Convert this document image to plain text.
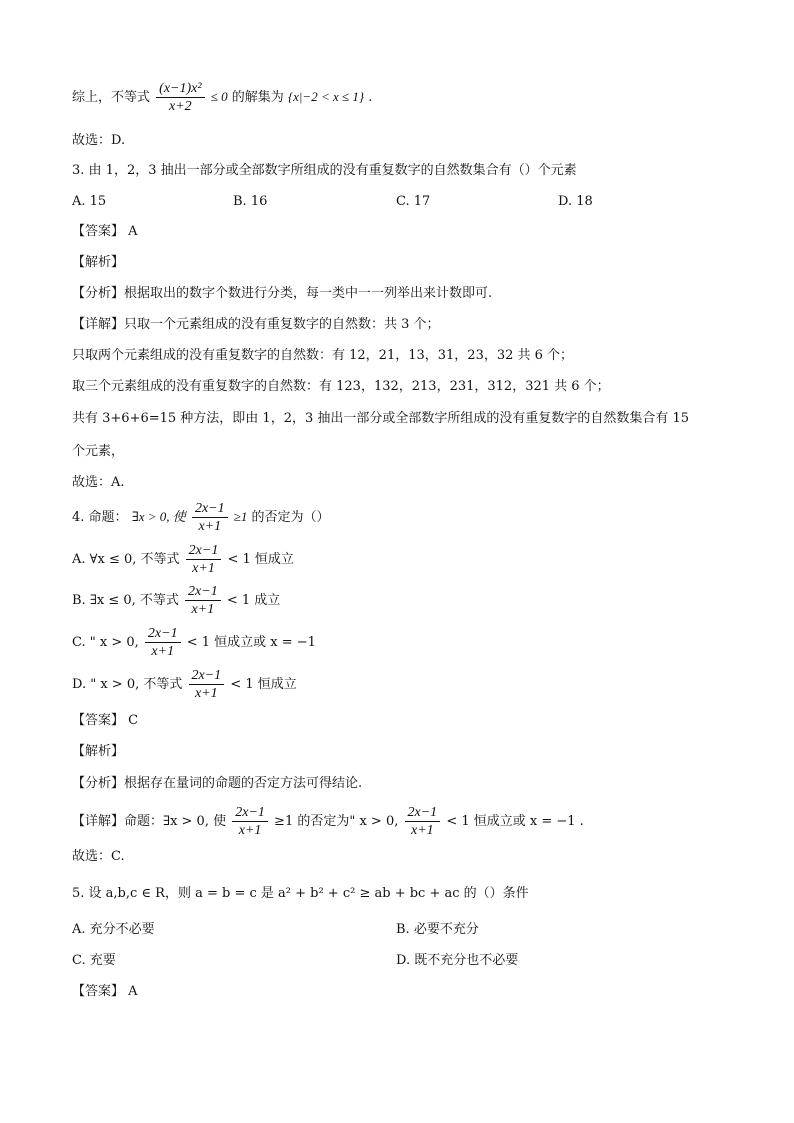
综上，不等式 $\frac{\text{(x−1)x²}}{x+2} \le 0$ 的解集为 {x|−2 < x ≤ 1} .
故选：D.
3. 由 1，2，3 抽出一部分或全部数字所组成的没有重复数字的自然数集合有（）个元素
A. 15	B. 16	C. 17	D. 18
【答案】 A
【解析】
【分析】根据取出的数字个数进行分类，每一类中一一列举出来计数即可.
【详解】只取一个元素组成的没有重复数字的自然数：共 3 个；
只取两个元素组成的没有重复数字的自然数：有 12，21，13，31，23，32 共 6 个；
取三个元素组成的没有重复数字的自然数：有 123，132，213，231，312，321 共 6 个；
共有 3+6+6=15 种方法，即由 1，2，3 抽出一部分或全部数字所组成的没有重复数字的自然数集合有 15
个元素，
故选：A.
4. 命题： ∃x > 0, 使 $\frac{2x-1}{x+1} \ge 1$ 的否定为（）
A. ∀x ≤ 0, 不等式 $\frac{2x-1}{x+1} < 1$ 恒成立
B. ∃x ≤ 0, 不等式 $\frac{2x-1}{x+1} < 1$ 成立
C. " x > 0, $\frac{2x-1}{x+1} < 1$ 恒成立或 x = −1
D. " x > 0, 不等式 $\frac{2x-1}{x+1} < 1$ 恒成立
【答案】 C
【解析】
【分析】根据存在量词的命题的否定方法可得结论.
【详解】命题：∃x > 0, 使 $\frac{2x-1}{x+1} \ge 1$ 的否定为" x > 0, $\frac{2x-1}{x+1} < 1$ 恒成立或 x = −1 .
故选：C.
5. 设 a,b,c ∈ R，则 a = b = c 是 a² + b² + c² ≥ ab + bc + ac 的（）条件
A. 充分不必要	B. 必要不充分
C. 充要	D. 既不充分也不必要
【答案】 A
